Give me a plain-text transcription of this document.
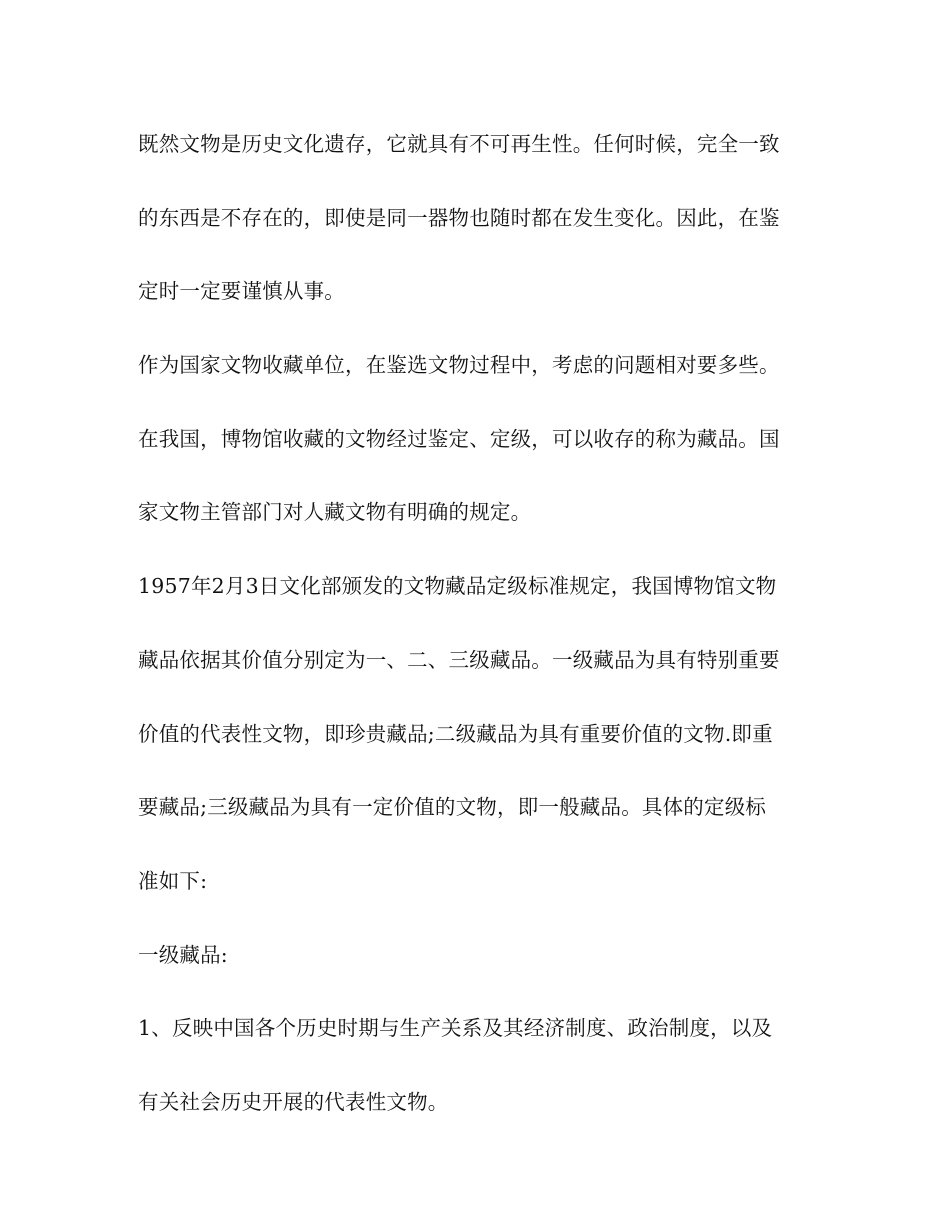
既然文物是历史文化遗存，它就具有不可再生性。任何时候，完全一致
的东西是不存在的，即使是同一器物也随时都在发生变化。因此，在鉴
定时一定要谨慎从事。
作为国家文物收藏单位，在鉴选文物过程中，考虑的问题相对要多些。
在我国，博物馆收藏的文物经过鉴定、定级，可以收存的称为藏品。国
家文物主管部门对人藏文物有明确的规定。
1957年2月3日文化部颁发的文物藏品定级标准规定，我国博物馆文物
藏品依据其价值分别定为一、二、三级藏品。一级藏品为具有特别重要
价值的代表性文物，即珍贵藏品;二级藏品为具有重要价值的文物.即重
要藏品;三级藏品为具有一定价值的文物，即一般藏品。具体的定级标
准如下:
一级藏品:
1、反映中国各个历史时期与生产关系及其经济制度、政治制度，以及
有关社会历史开展的代表性文物。
